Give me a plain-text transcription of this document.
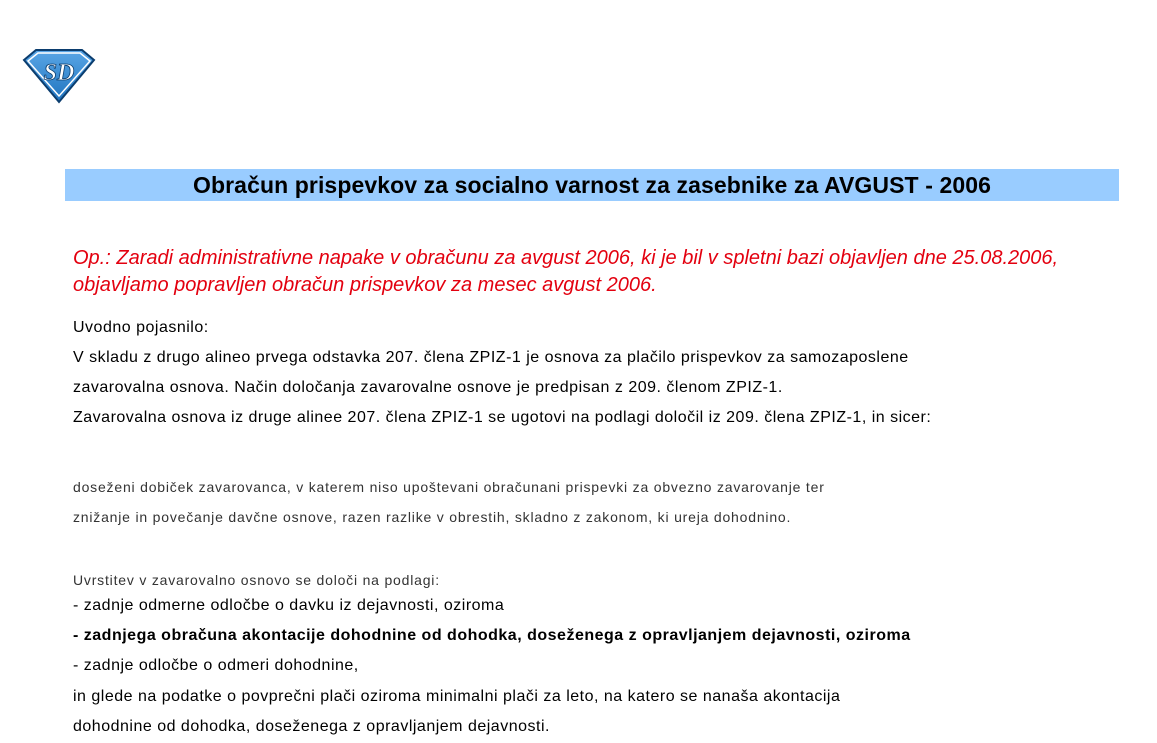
SD
Obračun prispevkov za socialno varnost za zasebnike za AVGUST - 2006
Op.: Zaradi administrativne napake v obračunu za avgust 2006, ki je bil v spletni bazi objavljen dne 25.08.2006, objavljamo popravljen obračun prispevkov za mesec avgust 2006.
Uvodno pojasnilo:
V skladu z drugo alineo prvega odstavka 207. člena ZPIZ-1 je osnova za plačilo prispevkov za samozaposlene
zavarovalna osnova. Način določanja zavarovalne osnove je predpisan z 209. členom ZPIZ-1.
Zavarovalna osnova iz druge alinee 207. člena ZPIZ-1 se ugotovi na podlagi določil iz 209. člena ZPIZ-1, in sicer:
doseženi dobiček zavarovanca, v katerem niso upoštevani obračunani prispevki za obvezno zavarovanje ter
znižanje in povečanje davčne osnove, razen razlike v obrestih, skladno z zakonom, ki ureja dohodnino.
Uvrstitev v zavarovalno osnovo se določi na podlagi:
- zadnje odmerne odločbe o davku iz dejavnosti, oziroma
- zadnjega obračuna akontacije dohodnine od dohodka, doseženega z opravljanjem dejavnosti, oziroma
- zadnje odločbe o odmeri dohodnine,
in glede na podatke o povprečni plači oziroma minimalni plači za leto, na katero se nanaša akontacija
dohodnine od dohodka, doseženega z opravljanjem dejavnosti.
